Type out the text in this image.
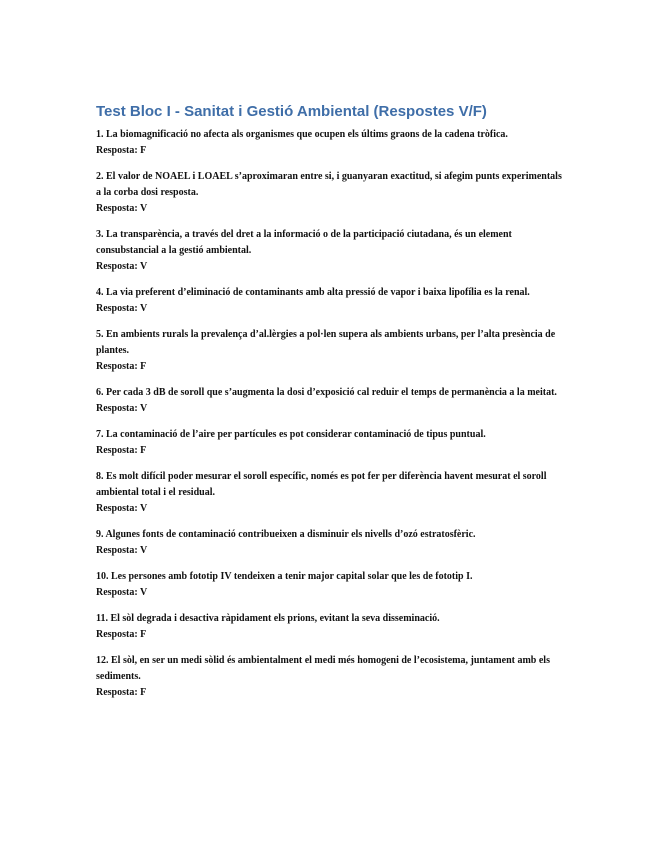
Test Bloc I - Sanitat i Gestió Ambiental (Respostes V/F)

1. La biomagnificació no afecta als organismes que ocupen els últims graons de la cadena tròfica.

Resposta: F

2. El valor de NOAEL i LOAEL s’aproximaran entre si, i guanyaran exactitud, si afegim punts experimentals a la corba dosi resposta.

Resposta: V

3. La transparència, a través del dret a la informació o de la participació ciutadana, és un element consubstancial a la gestió ambiental.

Resposta: V

4. La via preferent d’eliminació de contaminants amb alta pressió de vapor i baixa lipofília es la renal.

Resposta: V

5. En ambients rurals la prevalença d’al.lèrgies a pol·len supera als ambients urbans, per l’alta presència de plantes.

Resposta: F

6. Per cada 3 dB de soroll que s’augmenta la dosi d’exposició cal reduir el temps de permanència a la meitat.

Resposta: V

7. La contaminació de l’aire per partícules es pot considerar contaminació de tipus puntual.

Resposta: F

8. Es molt difícil poder mesurar el soroll específic, només es pot fer per diferència havent mesurat el soroll ambiental total i el residual.

Resposta: V

9. Algunes fonts de contaminació contribueixen a disminuir els nivells d’ozó estratosfèric.

Resposta: V

10. Les persones amb fototip IV tendeixen a tenir major capital solar que les de fototip I.

Resposta: V

11. El sòl degrada i desactiva ràpidament els prions, evitant la seva disseminació.

Resposta: F

12. El sòl, en ser un medi sòlid és ambientalment el medi més homogeni de l’ecosistema, juntament amb els sediments.

Resposta: F
